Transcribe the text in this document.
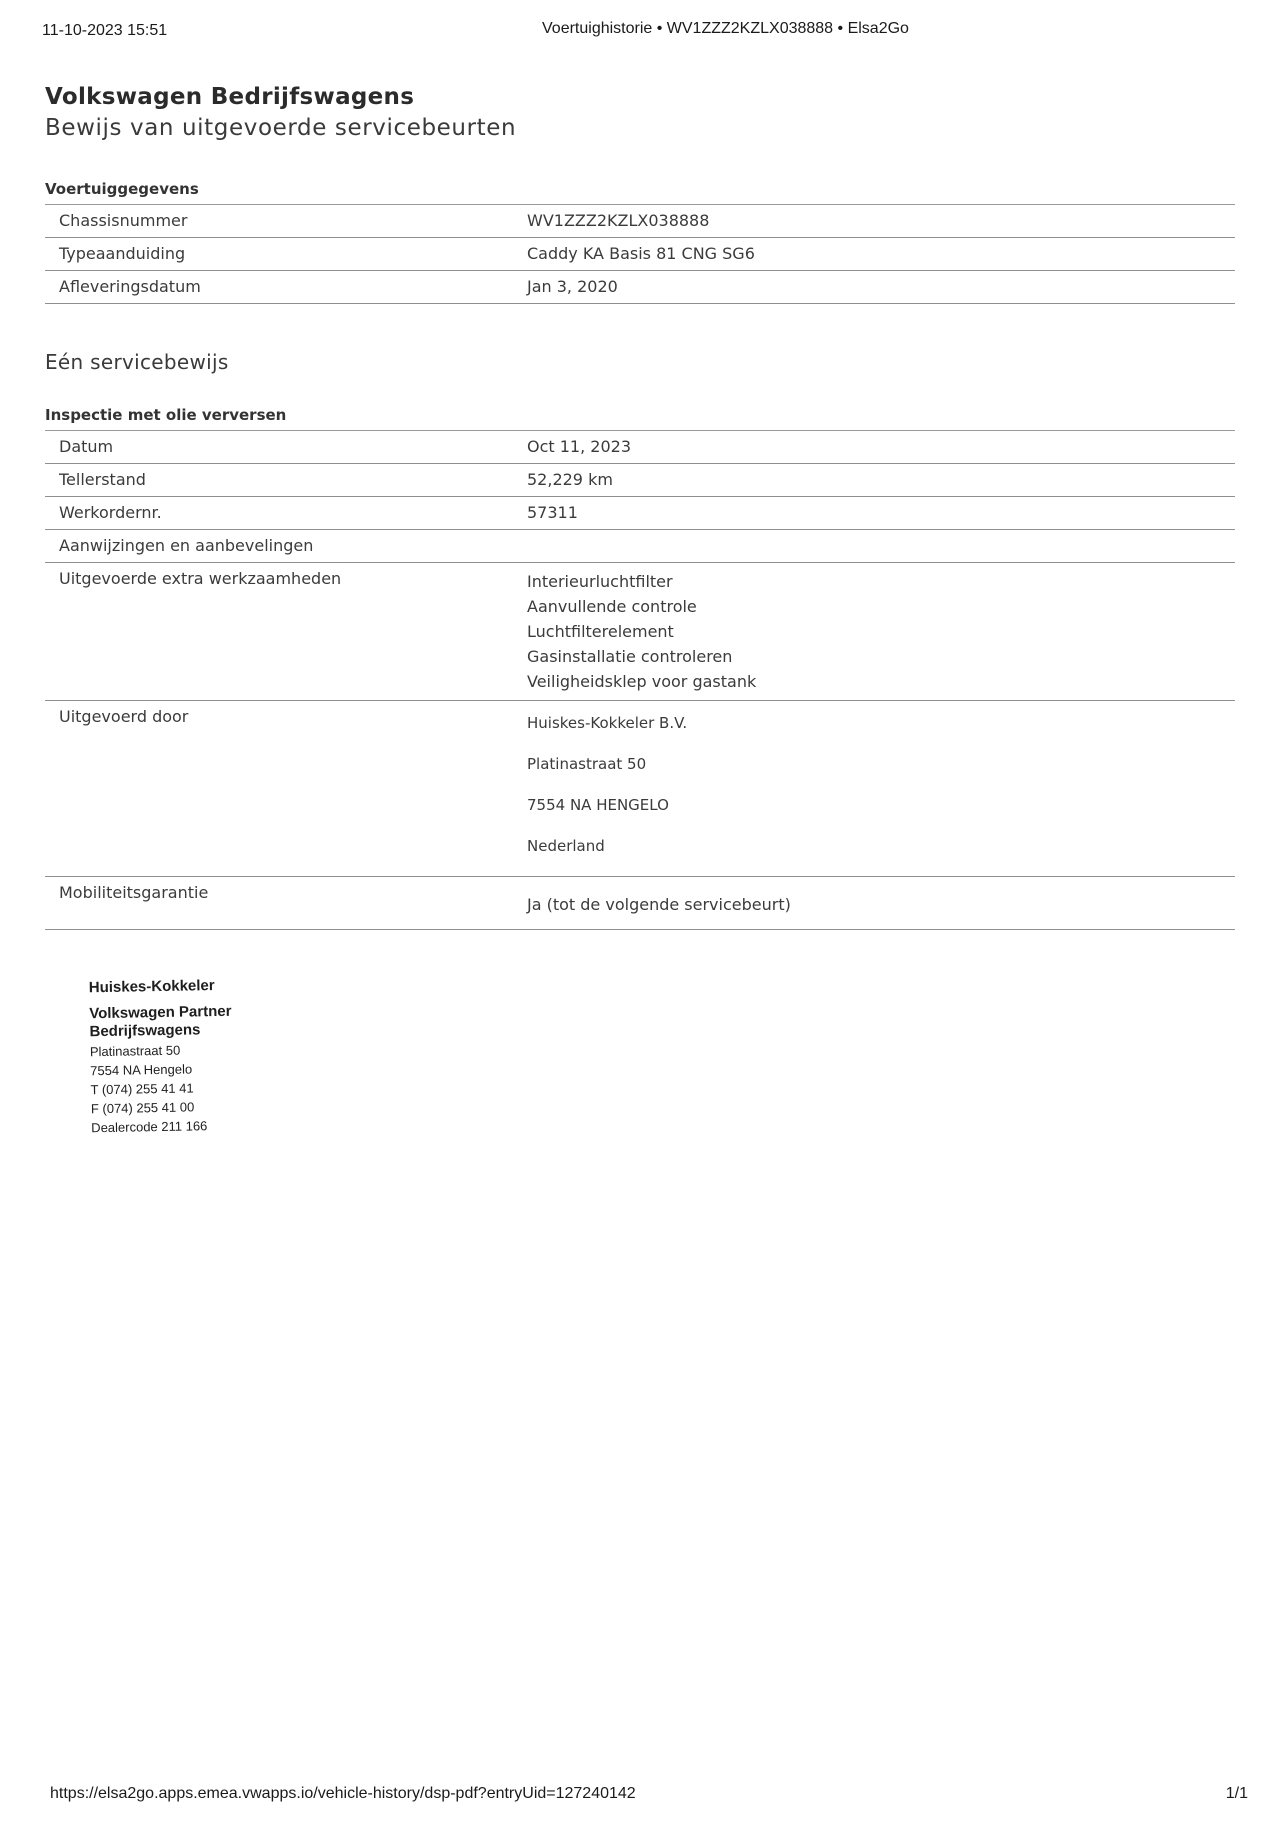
11-10-2023 15:51	Voertuighistorie • WV1ZZZ2KZLX038888 • Elsa2Go
Volkswagen Bedrijfswagens
Bewijs van uitgevoerde servicebeurten
Voertuiggegevens
Chassisnummer	WV1ZZZ2KZLX038888
Typeaanduiding	Caddy KA Basis 81 CNG SG6
Afleveringsdatum	Jan 3, 2020
Eén servicebewijs
Inspectie met olie verversen
Datum	Oct 11, 2023
Tellerstand	52,229 km
Werkordernr.	57311
Aanwijzingen en aanbevelingen	
Uitgevoerde extra werkzaamheden	Interieurluchtfilter
Aanvullende controle
Luchtfilterelement
Gasinstallatie controleren
Veiligheidsklep voor gastank

Uitgevoerd door	Huiskes-Kokkeler B.V.
Platinastraat 50
7554 NA HENGELO
Nederland

Mobiliteitsgarantie	Ja (tot de volgende servicebeurt)
Huiskes-Kokkeler
Volkswagen Partner
Bedrijfswagens
Platinastraat 50
7554 NA Hengelo
T (074) 255 41 41
F (074) 255 41 00
Dealercode 211 166
https://elsa2go.apps.emea.vwapps.io/vehicle-history/dsp-pdf?entryUid=127240142	1/1
